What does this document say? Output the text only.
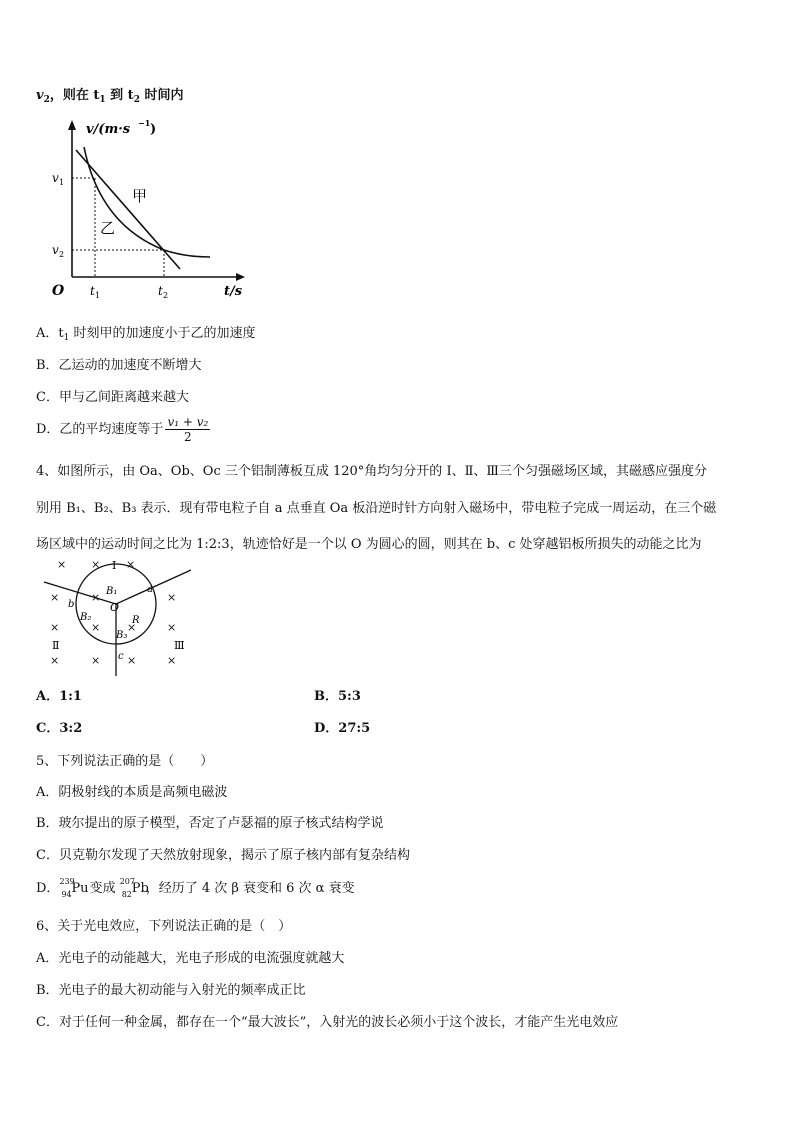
$v_2$，则在 $t_1$ 到 $t_2$ 时间内
v/(m·s −1 )
v 1
v 2
O t 1	t 2	t/s
甲
乙
A．$t_1$ 时刻甲的加速度小于乙的加速度
B．乙运动的加速度不断增大
C．甲与乙间距离越来越大
D．乙的平均速度等于 $\frac{\text{v₁ + v₂}}{2}$
4、如图所示，由 Oa、Ob、Oc 三个铝制薄板互成 120°角均匀分开的 Ⅰ、Ⅱ、Ⅲ三个匀强磁场区域，其磁感应强度分
别用 B₁、B₂、B₃ 表示．现有带电粒子自 a 点垂直 Oa 板沿逆时针方向射入磁场中，带电粒子完成一周运动，在三个磁
场区域中的运动时间之比为 1:2:3，轨迹恰好是一个以 O 为圆心的圆，则其在 b、c 处穿越铝板所损失的动能之比为
× × ×
×	×
×
×	× ×	×
×	× ×	×
Ⅰ
Ⅱ	Ⅲ
B₁
B₂
B₃
O
R
a
b
c
A．1:1	B．5:3
C．3:2	D．27:5
5、下列说法正确的是（　　）
A．阴极射线的本质是高频电磁波
B．玻尔提出的原子模型，否定了卢瑟福的原子核式结构学说
C．贝克勒尔发现了天然放射现象，揭示了原子核内部有复杂结构
D． 239
94 Pu
变成 207
82 Pb
，经历了 4 次 β 衰变和 6 次 α 衰变
6、关于光电效应，下列说法正确的是（　）
A．光电子的动能越大，光电子形成的电流强度就越大
B．光电子的最大初动能与入射光的频率成正比
C．对于任何一种金属，都存在一个“最大波长”，入射光的波长必须小于这个波长，才能产生光电效应
